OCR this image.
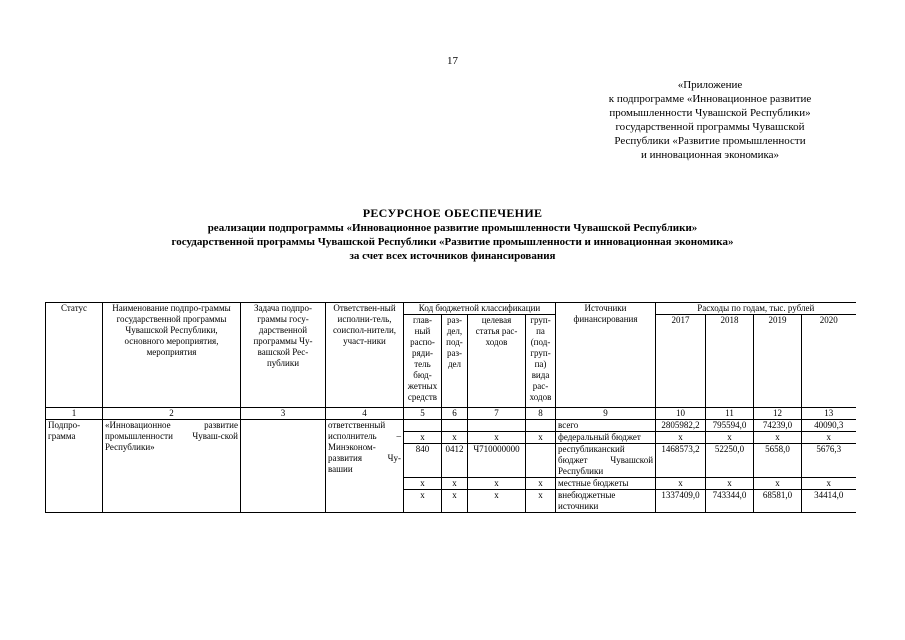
17
«Приложение
к подпрограмме «Инновационное развитие
промышленности Чувашской Республики»
государственной программы Чувашской
Республики «Развитие промышленности
и инновационная экономика»
РЕСУРСНОЕ ОБЕСПЕЧЕНИЕ
реализации подпрограммы «Инновационное развитие промышленности Чувашской Республики»
государственной программы Чувашской Республики «Развитие промышленности и инновационная экономика»
за счет всех источников финансирования
Статус	Наименование подпро-граммы государственной программы Чувашской Республики, основного мероприятия, мероприятия	Задача подпро-граммы госу-дарственной программы Чу-вашской Рес-публики	Ответствен-ный исполни-тель, соиспол-нители, участ-ники	Код бюджетной классификации				Источники финансирования	Расходы по годам, тыс. рублей			
				глав-ный распо-ряди-тель бюд-жетных средств	раз-дел, под-раз-дел	целевая статья рас-ходов	груп-па (под-груп-па) вида рас-ходов		2017	2018	2019	2020
1	2	3	4	5	6	7	8	9	10	11	12	13
Подпро-грамма	«Инновационное развитие промышленности Чуваш-ской Республики»		ответственный исполнитель – Минэконом-развития Чу-вашии					всего	2805982,2	795594,0	74239,0	40090,3
				x	x	x	x	федеральный бюджет	x	x	x	x
				840	0412	Ч710000000		республиканский бюджет Чувашской Республики	1468573,2	52250,0	5658,0	5676,3
				x	x	x	x	местные бюджеты	x	x	x	x
				x	x	x	x	внебюджетные источники	1337409,0	743344,0	68581,0	34414,0
